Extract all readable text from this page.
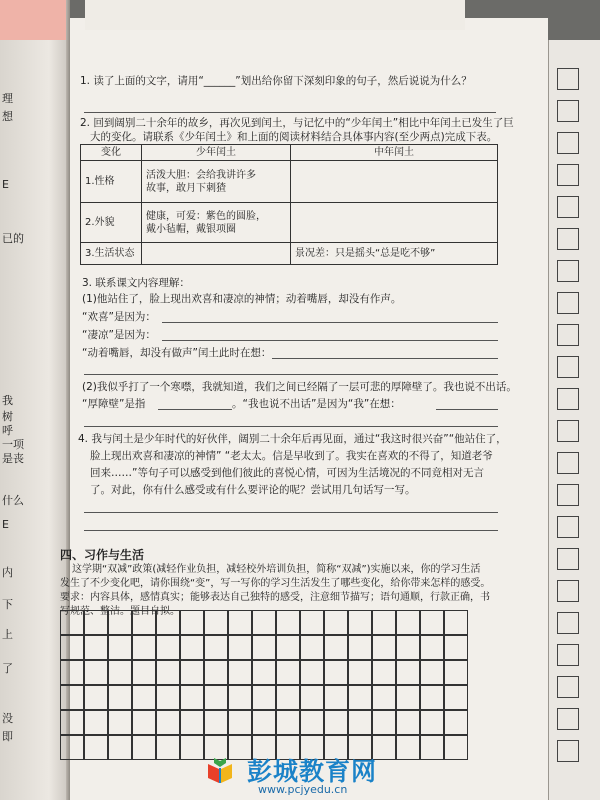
理
想
E
已的
我
树
呼
一项
是丧
什么
E
内
下
上
了
没
即
1. 读了上面的文字，请用“______”划出给你留下深刻印象的句子，然后说说为什么？
2. 回到阔别二十余年的故乡，再次见到闰土，与记忆中的“少年闰土”相比中年闰土已发生了巨
大的变化。请联系《少年闰土》和上面的阅读材料结合具体事内容(至少两点)完成下表。
变化	少年闰土	中年闰土
1.性格	活泼大胆：会给我讲许多
故事，敢月下刺猹	

2.外貌	健康，可爱：紫色的圆脸，
戴小毡帽，戴银项圈	

3.生活状态		景况差：只是摇头“总是吃不够”
3. 联系课文内容理解：
(1)他站住了，脸上现出欢喜和凄凉的神情；动着嘴唇，却没有作声。
“欢喜”是因为：
“凄凉”是因为：
“动着嘴唇，却没有做声”闰土此时在想：
(2)我似乎打了一个寒噤，我就知道，我们之间已经隔了一层可悲的厚障壁了。我也说不出话。
“厚障壁”是指	。“我也说不出话”是因为“我”在想：
4. 我与闰土是少年时代的好伙伴，阔别二十余年后再见面，通过“我这时很兴奋”“他站住了，
脸上现出欢喜和凄凉的神情” “老太太。信是早收到了。我实在喜欢的不得了，知道老爷
回来……”等句子可以感受到他们彼此的喜悦心情，可因为生活境况的不同竟相对无言
了。对此，你有什么感受或有什么要评论的呢？尝试用几句话写一写。
四、习作与生活
这学期“双减”政策(减轻作业负担，减轻校外培训负担，简称“双减”)实施以来，你的学习生活
发生了不少变化吧，请你围绕“变”，写一写你的学习生活发生了哪些变化，给你带来怎样的感受。
要求：内容具体，感情真实；能够表达自己独特的感受，注意细节描写；语句通顺，行款正确，书
写规范、整洁。题目自拟。
彭城教育网
www.pcjyedu.cn
